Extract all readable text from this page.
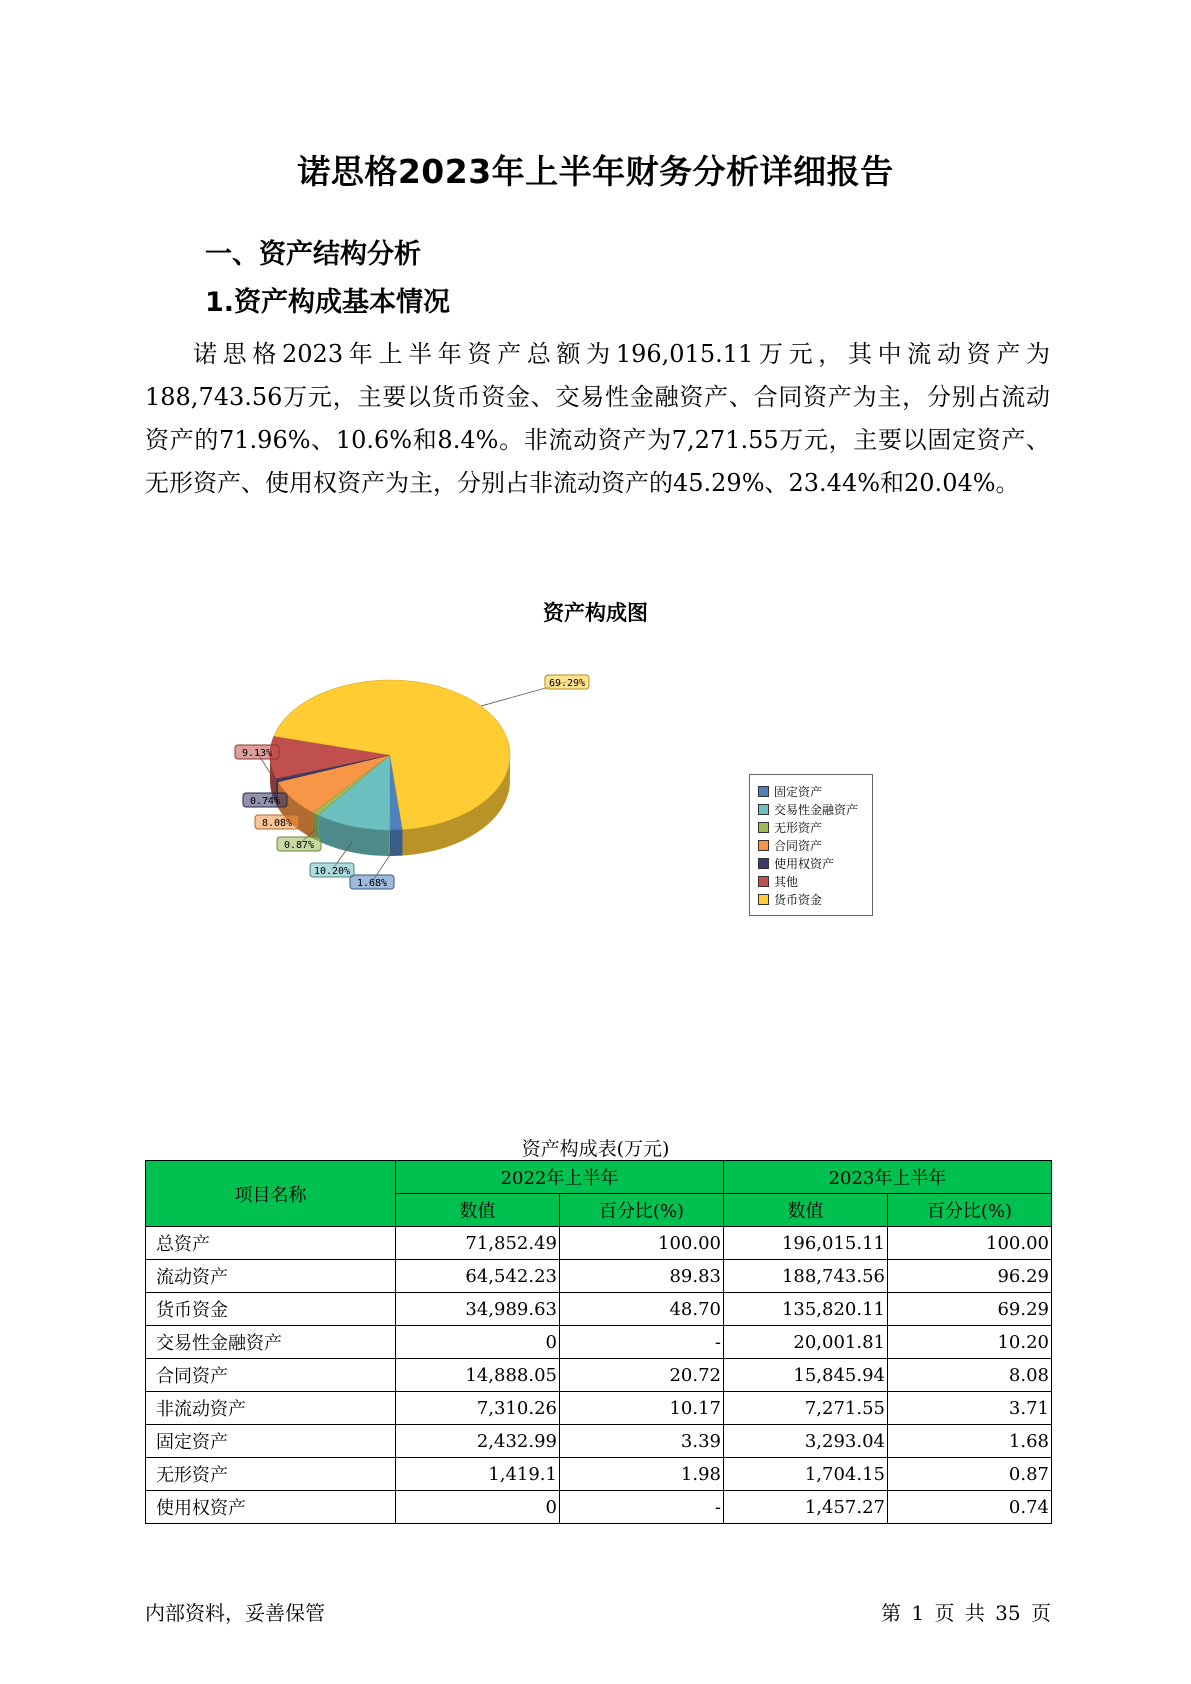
诺思格2023年上半年财务分析详细报告
一、资产结构分析
1.资产构成基本情况
诺思格2023年上半年资产总额为196,015.11万元，其中流动资产为188,743.56万元，主要以货币资金、交易性金融资产、合同资产为主，分别占流动资产的71.96%、10.6%和8.4%。非流动资产为7,271.55万元，主要以固定资产、无形资产、使用权资产为主，分别占非流动资产的45.29%、23.44%和20.04%。
资产构成图
1.68%
10.20%
0.87%
8.08%
0.74%
9.13%
69.29%
固定资产
交易性金融资产
无形资产
合同资产
使用权资产
其他
货币资金
资产构成表(万元)
项目名称	2022年上半年		2023年上半年	
	数值	百分比(%)	数值	百分比(%)
总资产	71,852.49	100.00	196,015.11	100.00
流动资产	64,542.23	89.83	188,743.56	96.29
货币资金	34,989.63	48.70	135,820.11	69.29
交易性金融资产	0	-	20,001.81	10.20
合同资产	14,888.05	20.72	15,845.94	8.08
非流动资产	7,310.26	10.17	7,271.55	3.71
固定资产	2,432.99	3.39	3,293.04	1.68
无形资产	1,419.1	1.98	1,704.15	0.87
使用权资产	0	-	1,457.27	0.74
内部资料，妥善保管	第 1 页 共 35 页
